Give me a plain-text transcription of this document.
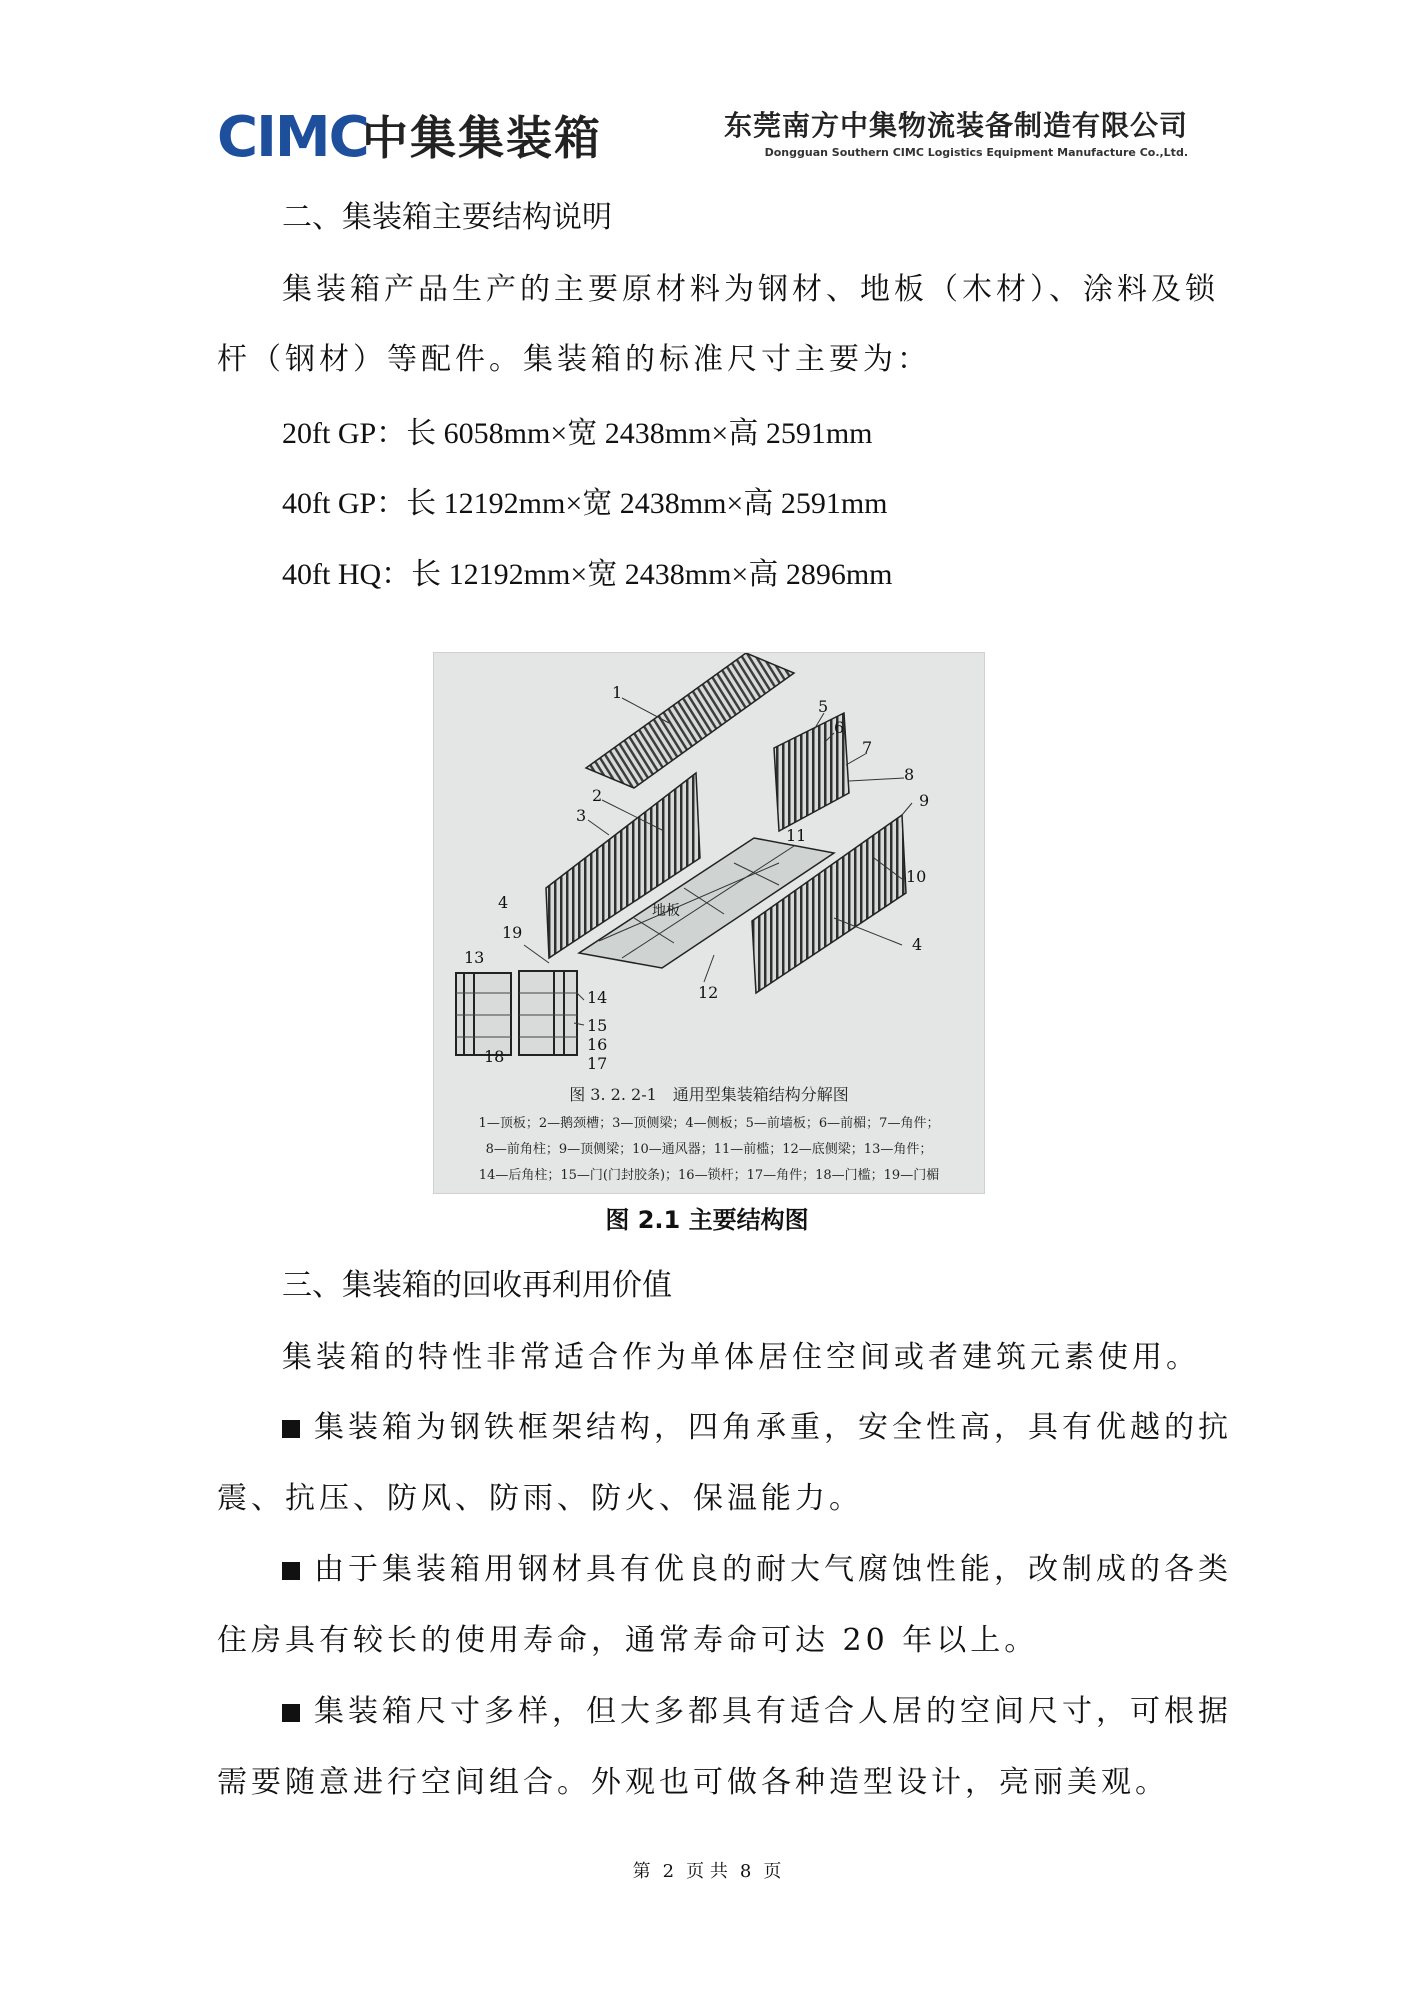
CIMC
中集集装箱	东莞南方中集物流装备制造有限公司
Dongguan Southern CIMC Logistics Equipment Manufacture Co.,Ltd.
二、集装箱主要结构说明
集装箱产品生产的主要原材料为钢材、地板（木材）、涂料及锁
杆（钢材）等配件。集装箱的标准尺寸主要为：
20ft GP：长 6058mm×宽 2438mm×高 2591mm
40ft GP：长 12192mm×宽 2438mm×高 2591mm
40ft HQ：长 12192mm×宽 2438mm×高 2896mm
1
2
3
4
5
6
7
8
9
10
4
11
12
13
14
15
16
17
18
19
地板
图 3. 2. 2-1　通用型集装箱结构分解图
1—顶板；2—鹅颈槽；3—顶侧梁；4—侧板；5—前墙板；6—前楣；7—角件；
8—前角柱；9—顶侧梁；10—通风器；11—前槛；12—底侧梁；13—角件；
14—后角柱；15—门(门封胶条)；16—锁杆；17—角件；18—门槛；19—门楣
图 2.1 主要结构图
三、集装箱的回收再利用价值
集装箱的特性非常适合作为单体居住空间或者建筑元素使用。
集装箱为钢铁框架结构，四角承重，安全性高，具有优越的抗
震、抗压、防风、防雨、防火、保温能力。
由于集装箱用钢材具有优良的耐大气腐蚀性能，改制成的各类
住房具有较长的使用寿命，通常寿命可达 20 年以上。
集装箱尺寸多样，但大多都具有适合人居的空间尺寸，可根据
需要随意进行空间组合。外观也可做各种造型设计，亮丽美观。
第 2 页 共 8 页
